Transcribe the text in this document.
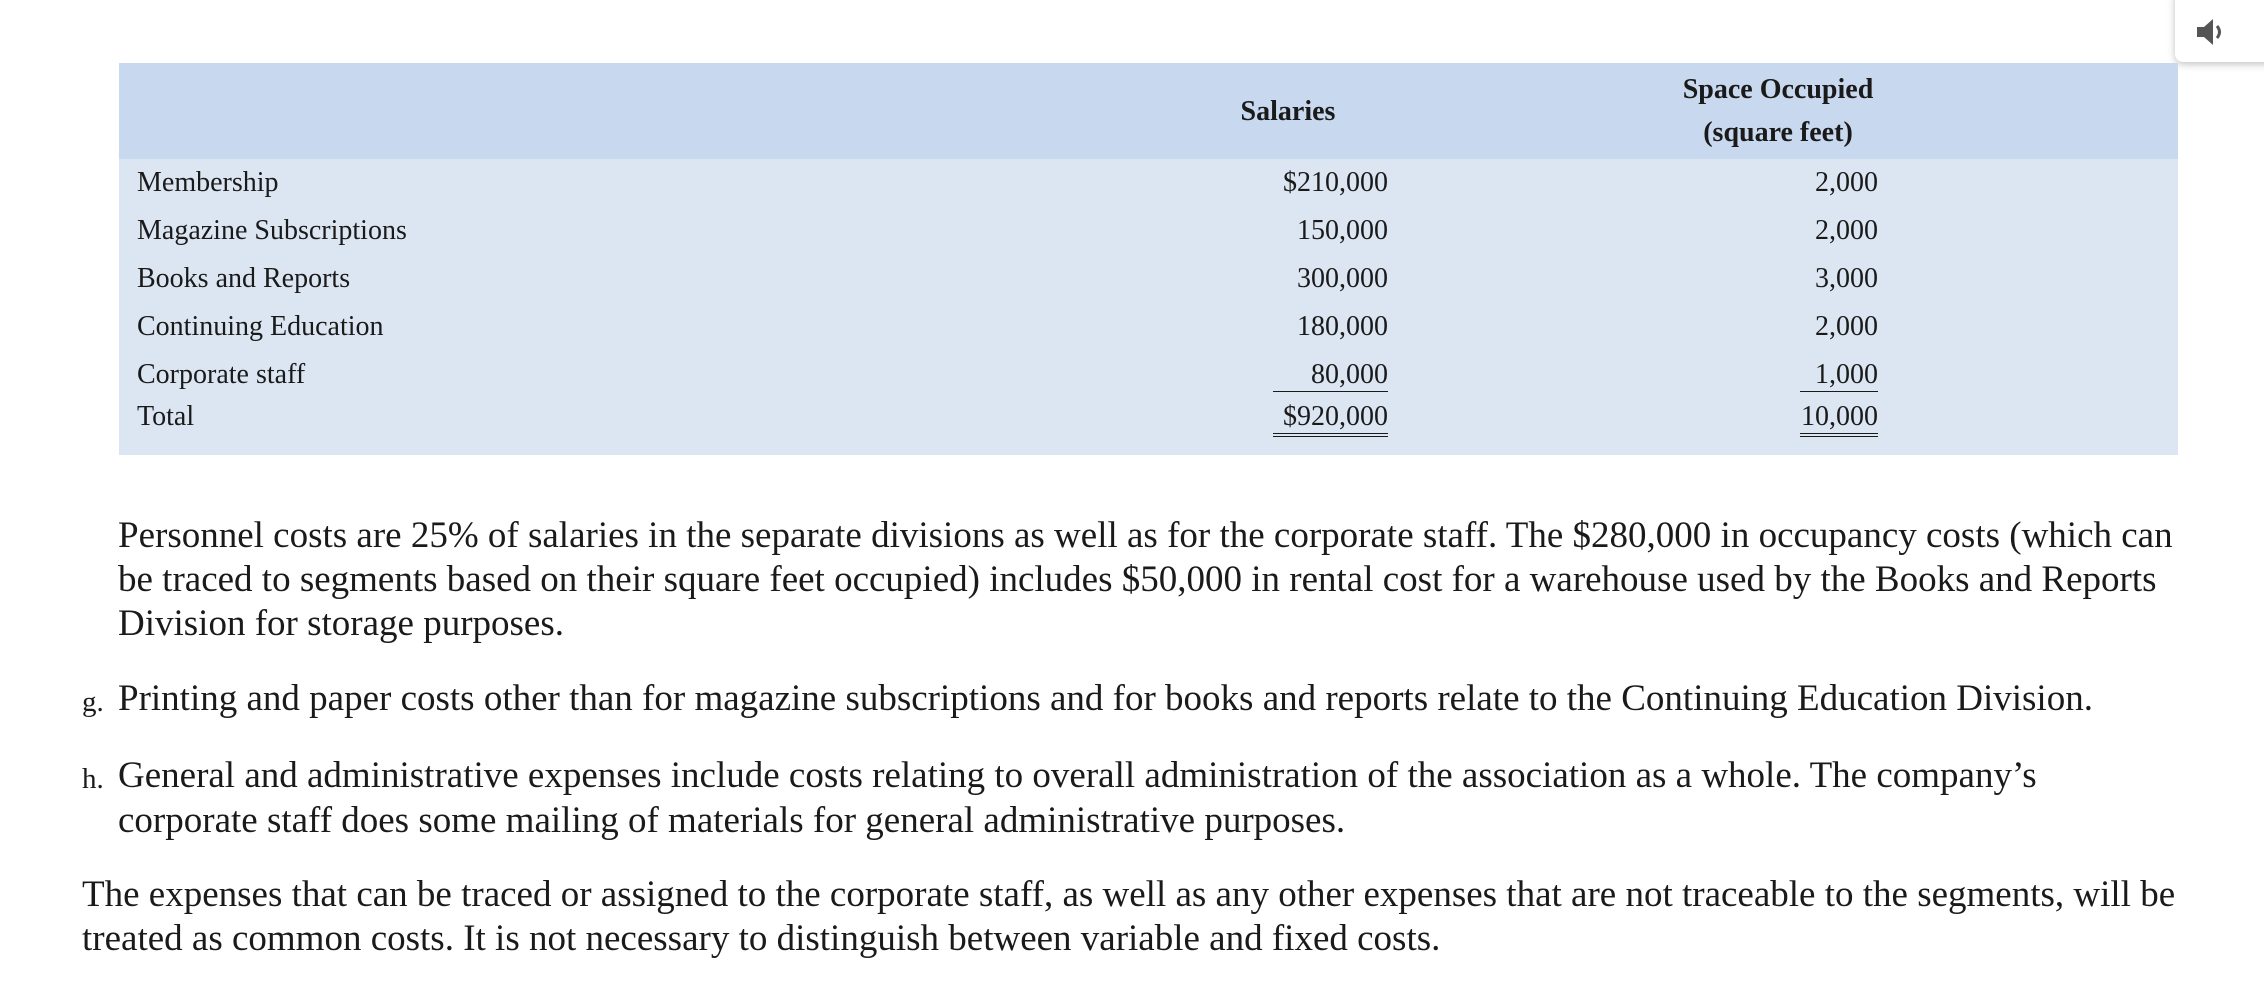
	Salaries		Space Occupied
(square feet)	

Membership	$210,000		2,000	
Magazine Subscriptions	150,000		2,000	
Books and Reports	300,000		3,000	
Continuing Education	180,000		2,000	
Corporate staff	80,000		1,000	
Total	$920,000		10,000	

Personnel costs are 25% of salaries in the separate divisions as well as for the corporate staff. The $280,000 in occupancy costs (which can be traced to segments based on their square feet occupied) includes $50,000 in rental cost for a warehouse used by the Books and Reports Division for storage purposes.

g. Printing and paper costs other than for magazine subscriptions and for books and reports relate to the Continuing Education Division.
h. General and administrative expenses include costs relating to overall administration of the association as a whole. The company’s corporate staff does some mailing of materials for general administrative purposes.

The expenses that can be traced or assigned to the corporate staff, as well as any other expenses that are not traceable to the segments, will be treated as common costs. It is not necessary to distinguish between variable and fixed costs.
